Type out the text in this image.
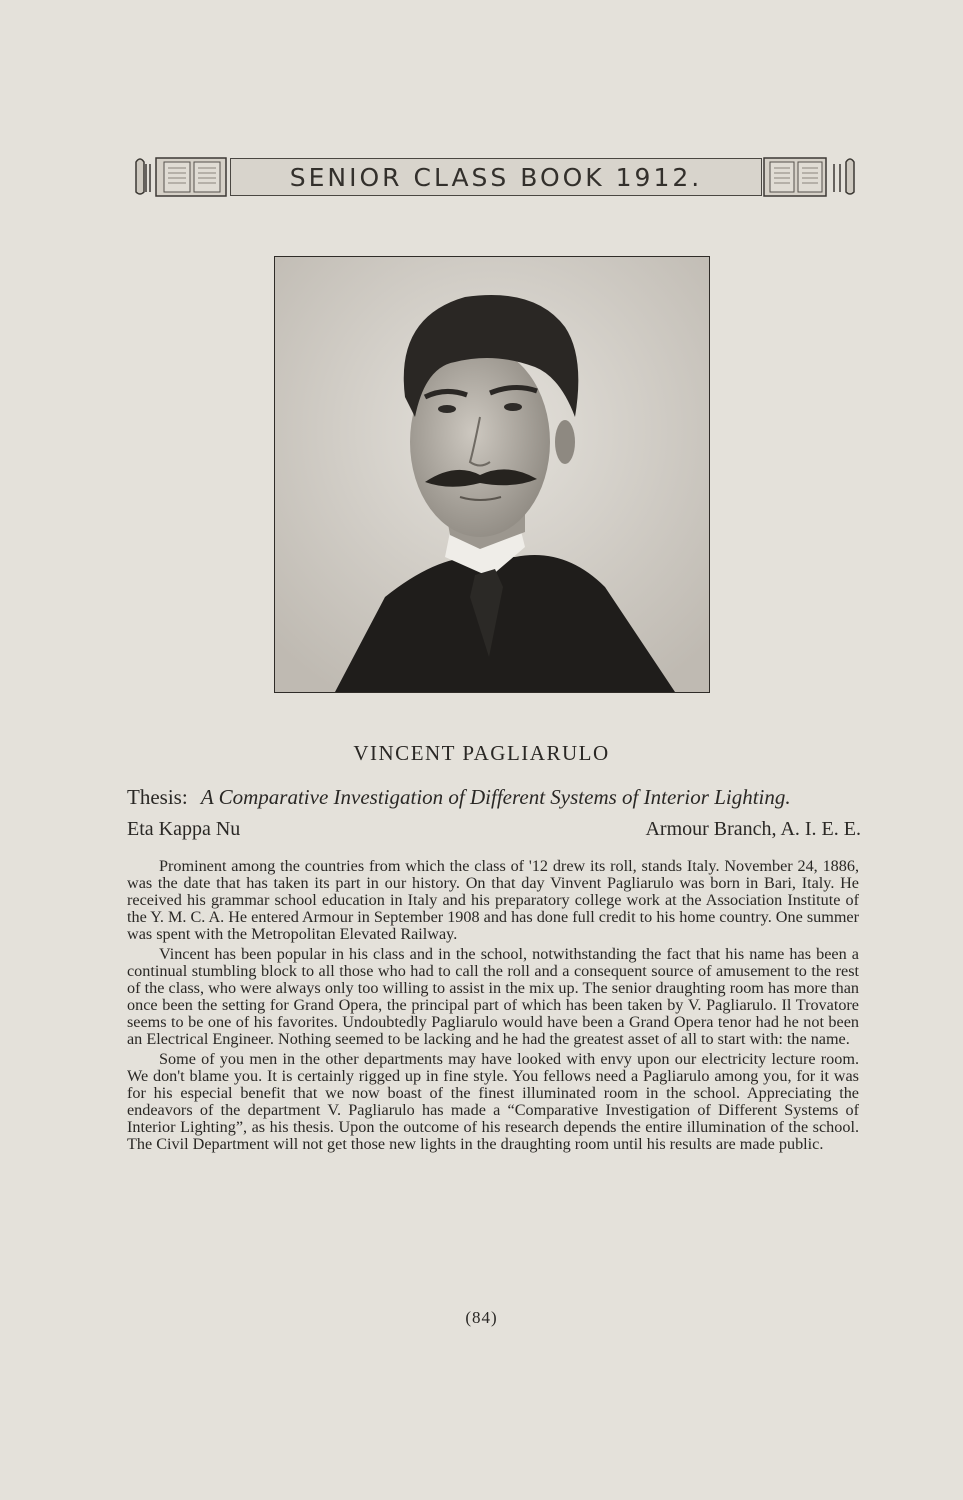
SENIOR CLASS BOOK 1912.
VINCENT PAGLIARULO
Thesis: A Comparative Investigation of Different Systems of Interior Lighting.
Eta Kappa Nu	Armour Branch, A. I. E. E.

Prominent among the countries from which the class of '12 drew its roll, stands Italy. November 24, 1886, was the date that has taken its part in our history. On that day Vinvent Pagliarulo was born in Bari, Italy. He received his grammar school education in Italy and his preparatory college work at the Association Institute of the Y. M. C. A. He entered Armour in September 1908 and has done full credit to his home country. One summer was spent with the Metropolitan Elevated Railway.

Vincent has been popular in his class and in the school, notwithstanding the fact that his name has been a continual stumbling block to all those who had to call the roll and a consequent source of amusement to the rest of the class, who were always only too willing to assist in the mix up. The senior draughting room has more than once been the setting for Grand Opera, the principal part of which has been taken by V. Pagliarulo. Il Trovatore seems to be one of his favorites. Undoubtedly Pagliarulo would have been a Grand Opera tenor had he not been an Electrical Engineer. Nothing seemed to be lacking and he had the greatest asset of all to start with: the name.

Some of you men in the other departments may have looked with envy upon our electricity lecture room. We don't blame you. It is certainly rigged up in fine style. You fellows need a Pagliarulo among you, for it was for his especial benefit that we now boast of the finest illuminated room in the school. Appreciating the endeavors of the department V. Pagliarulo has made a “Comparative Investigation of Different Systems of Interior Lighting”, as his thesis. Upon the outcome of his research depends the entire illumination of the school. The Civil Department will not get those new lights in the draughting room until his results are made public.

(84)
